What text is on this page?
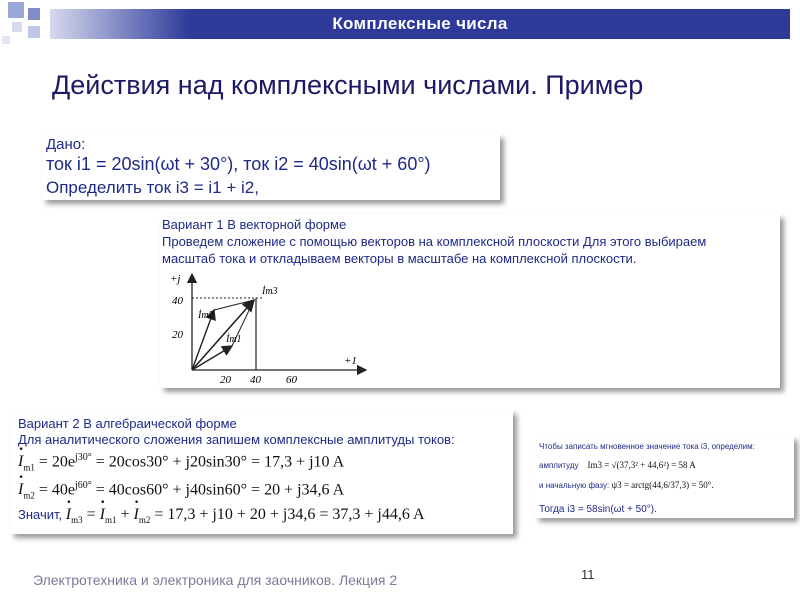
Комплексные числа
Действия над комплексными числами. Пример
Дано:
ток i1 = 20sin(ωt + 30°), ток i2 = 40sin(ωt + 60°)
Определить ток i3 = i1 + i2,
Вариант 1 В векторной форме
Проведем сложение с помощью векторов на комплексной плоскости Для этого выбираем
масштаб тока и откладываем векторы в масштабе на комплексной плоскости.
+j
+1
40
20
20 40 60
İm3
İm2
İm1
Вариант 2 В алгебраической форме
Для аналитического сложения запишем комплексные амплитуды токов:
· $I_{m1} = 20e^{j30^\circ} = 20\cos 30^\circ + j20\sin 30^\circ = 17,3 + j10$ A
· $I_{m2} = 40e^{j60^\circ} = 40\cos 60^\circ + j40\sin 60^\circ = 20 + j34,6$ A
Значит, · $I_{m3}$ = · $I_{m1}$ + · $I_{m2} = 17,3 + j10 + 20 + j34,6 = 37,3 + j44,6$ A
Чтобы записать мгновенное значение тока i3, определим:
амплитуду Im3 = √(37,3² + 44,6²) = 58 A
и начальную фазу: ψ3 = arctg(44,6/37,3) = 50°.
Тогда i3 = 58sin(ωt + 50°).
Электротехника и электроника для заочников. Лекция 2	11
